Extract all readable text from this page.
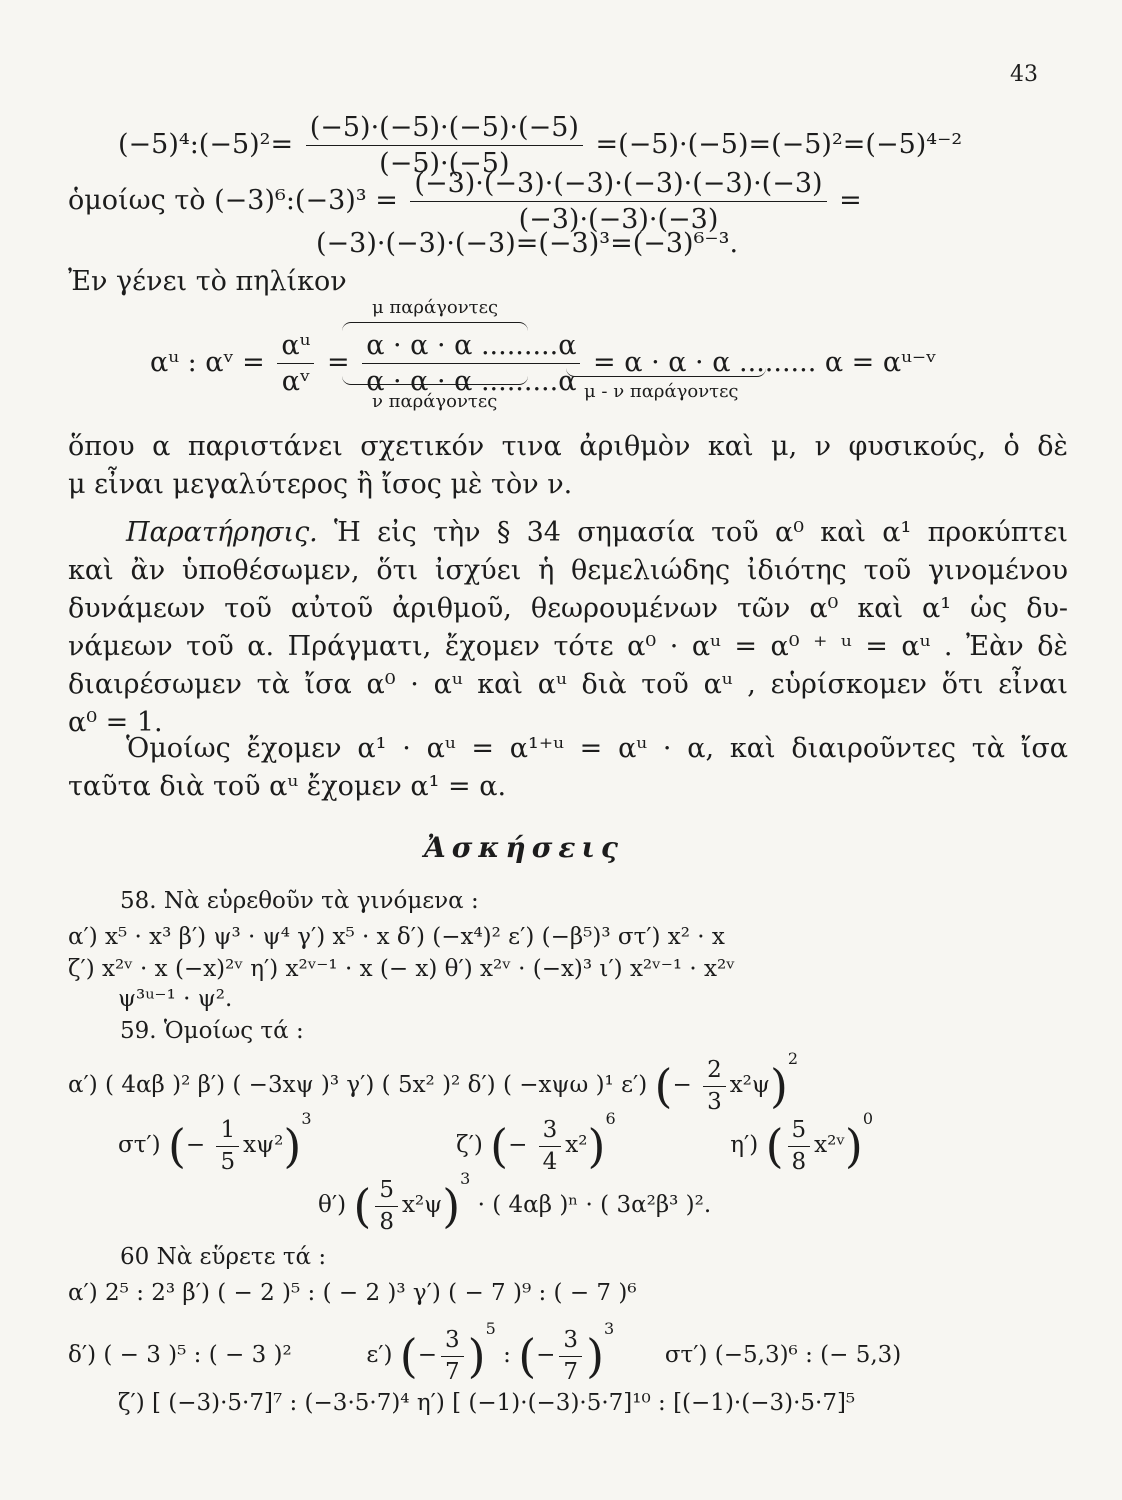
43
(−5)⁴:(−5)²= $\frac{(-5)\cdot(-5)\cdot(-5)\cdot(-5)}{(-5)\cdot(-5)} =(-5)\cdot(-5)=(-5)^2=(-5)^{4-2}$
ὁμοίως τὸ (−3)⁶:(−3)³ = $\frac{(-3)\cdot(-3)\cdot(-3)\cdot(-3)\cdot(-3)\cdot(-3)}{(-3)\cdot(-3)\cdot(-3)}$ =
(−3)·(−3)·(−3)=(−3)³=(−3)⁶⁻³.
Ἐν γένει τὸ πηλίκον
μ παράγοντες
αᵘ : αᵛ = $\frac{\text{αᵘ}}{\text{αᵛ}} = \frac{\alpha \cdot \alpha \cdot \alpha .........\alpha}{\alpha \cdot \alpha \cdot \alpha .........\alpha} = \alpha \cdot \alpha \cdot \alpha$ ......... α = αᵘ⁻ᵛ
ν παράγοντες	μ - ν παράγοντες
ὅπου α παριστάνει σχετικόν τινα ἀριθμὸν καὶ μ, ν φυσικούς, ὁ δὲ
μ εἶναι μεγαλύτερος ἢ ἴσος μὲ τὸν ν.
Παρατήρησις. Ἡ εἰς τὴν § 34 σημασία τοῦ α⁰ καὶ α¹ προκύπτει
καὶ ἂν ὑποθέσωμεν, ὅτι ἰσχύει ἡ θεμελιώδης ἰδιότης τοῦ γινομένου
δυνάμεων τοῦ αὐτοῦ ἀριθμοῦ, θεωρουμένων τῶν α⁰ καὶ α¹ ὡς δυ-
νάμεων τοῦ α. Πράγματι, ἔχομεν τότε α⁰ · αᵘ = α⁰ ⁺ ᵘ = αᵘ . Ἐὰν δὲ
διαιρέσωμεν τὰ ἴσα α⁰ · αᵘ καὶ αᵘ διὰ τοῦ αᵘ , εὑρίσκομεν ὅτι εἶναι
α⁰ = 1.
Ὁμοίως ἔχομεν α¹ · αᵘ = α¹⁺ᵘ = αᵘ · α, καὶ διαιροῦντες τὰ ἴσα
ταῦτα διὰ τοῦ αᵘ ἔχομεν α¹ = α.
Ἀσκήσεις
58. Νὰ εὑρεθοῦν τὰ γινόμενα :
α′) x⁵ · x³ β′) ψ³ · ψ⁴ γ′) x⁵ · x δ′) (−x⁴)² ε′) (−β⁵)³ στ′) x² · x
ζ′) x²ᵛ · x (−x)²ᵛ η′) x²ᵛ⁻¹ · x (− x) θ′) x²ᵛ · (−x)³ ι′) x²ᵛ⁻¹ · x²ᵛ
ψ³ᵘ⁻¹ · ψ².
59. Ὁμοίως τά :
α′) ( 4αβ )² β′) ( −3xψ )³ γ′) ( 5x² )² δ′) ( −xψω )¹ ε′) (− $\frac{2}{3} x^2\psi)^2$
στ′) (− $\frac{1}{5} x\psi^2)^3$  ζ′) (− $\frac{3}{4} x^2)^6$  η′) ( $\frac{5}{8}$ x²ᵛ)$^0$
θ′) ( $\frac{5}{8} x^2\psi)^3$ · ( 4αβ )ⁿ · ( 3α²β³ )².
60 Νὰ εὕρετε τά :
α′) 2⁵ : 2³ β′) ( − 2 )⁵ : ( − 2 )³ γ′) ( − 7 )⁹ : ( − 7 )⁶
δ′) ( − 3 )⁵ : ( − 3 )²	ε′) (− $\frac{3}{7} )^5$ : (− $\frac{3}{7} )^3$  στ′) (−5,3)⁶ : (− 5,3)
ζ′) [ (−3)·5·7]⁷ : (−3·5·7)⁴ η′) [ (−1)·(−3)·5·7]¹⁰ : [(−1)·(−3)·5·7]⁵
